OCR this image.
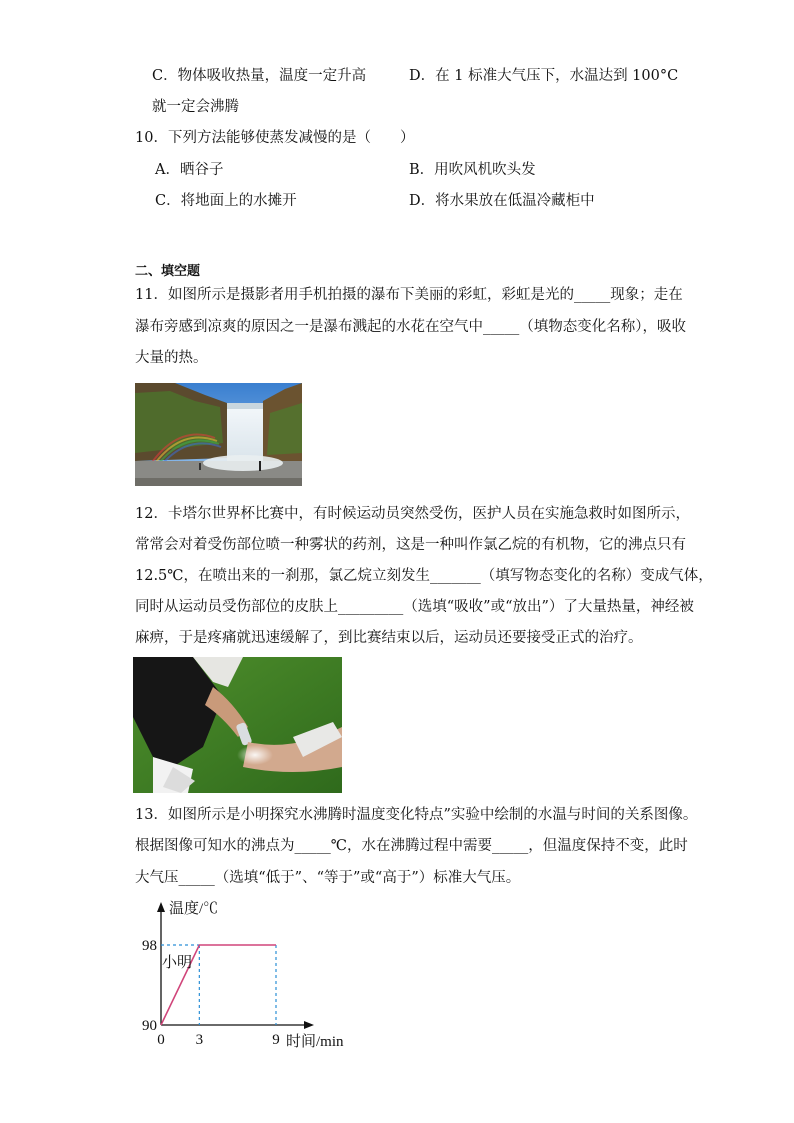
C．物体吸收热量，温度一定升高	D．在 1 标准大气压下，水温达到 100°C
就一定会沸腾
10．下列方法能够使蒸发减慢的是（　　）
A．晒谷子	B．用吹风机吹头发
C．将地面上的水摊开	D．将水果放在低温冷藏柜中
二、填空题
11．如图所示是摄影者用手机拍摄的瀑布下美丽的彩虹，彩虹是光的_____现象；走在
瀑布旁感到凉爽的原因之一是瀑布溅起的水花在空气中_____（填物态变化名称），吸收
大量的热。
12．卡塔尔世界杯比赛中，有时候运动员突然受伤，医护人员在实施急救时如图所示，
常常会对着受伤部位喷一种雾状的药剂，这是一种叫作氯乙烷的有机物，它的沸点只有
12.5℃，在喷出来的一刹那，氯乙烷立刻发生_______（填写物态变化的名称）变成气体，
同时从运动员受伤部位的皮肤上_________（选填“吸收”或“放出”）了大量热量，神经被
麻痹，于是疼痛就迅速缓解了，到比赛结束以后，运动员还要接受正式的治疗。
13．如图所示是小明探究水沸腾时温度变化特点”实验中绘制的水温与时间的关系图像。
根据图像可知水的沸点为_____℃，水在沸腾过程中需要_____，但温度保持不变，此时
大气压_____（选填“低于”、“等于”或“高于”）标准大气压。
温度/℃
时间/min
90
98
0 3	9
小明
